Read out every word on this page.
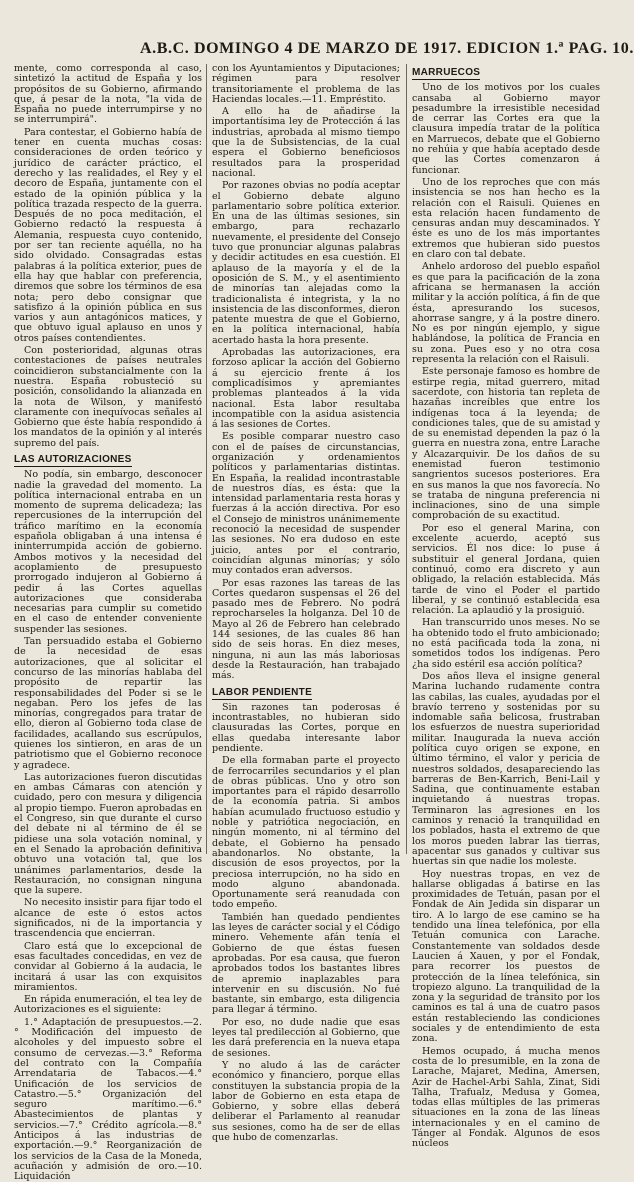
A.B.C. DOMINGO 4 DE MARZO DE 1917. EDICION 1.ª PAG. 10.

mente, como corresponda al caso, sintetizó la actitud de España y los propósitos de su Gobierno, afirmando que, á pesar de la nota, "la vida de España no puede interrumpirse y no se interrumpirá".

Para contestar, el Gobierno había de tener en cuenta muchas cosas: consideraciones de orden teórico y jurídico de carácter práctico, el derecho y las realidades, el Rey y el decoro de España, juntamente con el estado de la opinión pública y la política trazada respecto de la guerra. Después de no poca meditación, el Gobierno redactó la respuesta á Alemania, respuesta cuyo contenido, por ser tan reciente aquélla, no ha sido olvidado. Consagradas estas palabras á la política exterior, pues de ella hay que hablar con preferencia, diremos que sobre los términos de esa nota; pero debo consignar que satisfizo á la opinión pública en sus varios y aun antagónicos matices, y que obtuvo igual aplauso en unos y otros países contendientes.

Con posterioridad, algunas otras contestaciones de países neutrales coincidieron substancialmente con la nuestra. España robusteció su posición, consolidando la alianzada en la nota de Wilson, y manifestó claramente con inequívocas señales al Gobierno que éste había respondido á los mandatos de la opinión y al interés supremo del país.

LAS AUTORIZACIONES

No podía, sin embargo, desconocer nadie la gravedad del momento. La política internacional entraba en un momento de suprema delicadeza; las repercusiones de la interrupción del tráfico marítimo en la economía española obligaban á una intensa é ininterrumpida acción de gobierno. Ambos motivos y la necesidad del acoplamiento de presupuesto prorrogado indujeron al Gobierno á pedir á las Cortes aquellas autorizaciones que consideraba necesarias para cumplir su cometido en el caso de entender conveniente suspender las sesiones.

Tan persuadido estaba el Gobierno de la necesidad de esas autorizaciones, que al solicitar el concurso de las minorías hablaba del propósito de repartir las responsabilidades del Poder si se le negaban. Pero los jefes de las minorías, congregados para tratar de ello, dieron al Gobierno toda clase de facilidades, acallando sus escrúpulos, quienes los sintieron, en aras de un patriotismo que el Gobierno reconoce y agradece.

Las autorizaciones fueron discutidas en ambas Cámaras con atención y cuidado, pero con mesura y diligencia al propio tiempo. Fueron aprobadas en el Congreso, sin que durante el curso del debate ni al término de él se pidiese una sola votación nominal, y en el Senado la aprobación definitiva obtuvo una votación tal, que los unánimes parlamentarios, desde la Restauración, no consignan ninguna que la supere.

No necesito insistir para fijar todo el alcance de este ó estos actos significados, ni de la importancia y trascendencia que encierran.

Claro está que lo excepcional de esas facultades concedidas, en vez de convidar al Gobierno á la audacia, le incitará á usar las con exquisitos miramientos.

En rápida enumeración, el tea ley de Autorizaciones es el siguiente:

1.° Adaptación de presupuestos.—2.° Modificación del impuesto de alcoholes y del impuesto sobre el consumo de cervezas.—3.° Reforma del contrato con la Compañía Arrendataria de Tabacos.—4.° Unificación de los servicios de Catastro.—5.° Organización del seguro marítimo.—6.° Abastecimientos de plantas y servicios.—7.° Crédito agrícola.—8.° Anticipos á las industrias de exportación.—9.° Reorganización de los servicios de la Casa de la Moneda, acuñación y admisión de oro.—10. Liquidación

con los Ayuntamientos y Diputaciones; régimen para resolver transitoriamente el problema de las Haciendas locales.—11. Empréstito.

A ello ha de añadirse la importantísima ley de Protección á las industrias, aprobada al mismo tiempo que la de Subsistencias, de la cual espera el Gobierno beneficiosos resultados para la prosperidad nacional.

Por razones obvias no podía aceptar el Gobierno debate alguno parlamentario sobre política exterior. En una de las últimas sesiones, sin embargo, para rechazarlo nuevamente, el presidente del Consejo tuvo que pronunciar algunas palabras y decidir actitudes en esa cuestión. El aplauso de la mayoría y el de la oposición de S. M., y el asentimiento de minorías tan alejadas como la tradicionalista é integrista, y la no insistencia de las disconformes, dieron patente muestra de que el Gobierno, en la política internacional, había acertado hasta la hora presente.

Aprobadas las autorizaciones, era forzoso aplicar la acción del Gobierno á su ejercicio frente á los complicadísimos y apremiantes problemas planteados á la vida nacional. Esta labor resultaba incompatible con la asidua asistencia á las sesiones de Cortes.

Es posible comparar nuestro caso con el de países de circunstancias, organización y ordenamientos políticos y parlamentarias distintas. En España, la realidad incontrastable de nuestros días, es ésta: que la intensidad parlamentaria resta horas y fuerzas á la acción directiva. Por eso el Consejo de ministros unánimemente reconoció la necesidad de suspender las sesiones. No era dudoso en este juicio, antes por el contrario, coincidían algunas minorías; y sólo muy contados eran adversos.

Por esas razones las tareas de las Cortes quedaron suspensas el 26 del pasado mes de Febrero. No podrá reprocharseles la holganza. Del 10 de Mayo al 26 de Febrero han celebrado 144 sesiones, de las cuales 86 han sido de seis horas. En diez meses, ninguna, ni aun las más laboriosas desde la Restauración, han trabajado más.

LABOR PENDIENTE

Sin razones tan poderosas é incontrastables, no hubieran sido clausuradas las Cortes, porque en ellas quedaba interesante labor pendiente.

De ella formaban parte el proyecto de ferrocarriles secundarios y el plan de obras públicas. Uno y otro son importantes para el rápido desarrollo de la economía patria. Si ambos habían acumulado fructuoso estudio y noble y patriótica negociación, en ningún momento, ni al término del debate, el Gobierno ha pensado abandonarlos. No obstante, la discusión de esos proyectos, por la preciosa interrupción, no ha sido en modo alguno abandonada. Oportunamente será reanudada con todo empeño.

También han quedado pendientes las leyes de carácter social y el Código minero. Vehemente afán tenía el Gobierno de que éstas fuesen aprobadas. Por esa causa, que fueron aprobados todos los bastantes libres de apremio inaplazables para intervenir en su discusión. No fué bastante, sin embargo, esta diligencia para llegar á término.

Por eso, no dude nadie que esas leyes tal predilección al Gobierno, que les dará preferencia en la nueva etapa de sesiones.

Y no aludo á las de carácter económico y financiero, porque ellas constituyen la substancia propia de la labor de Gobierno en esta etapa de Gobierno, y sobre ellas deberá deliberar el Parlamento al reanudar sus sesiones, como ha de ser de ellas que hubo de comenzarlas.

MARRUECOS

Uno de los motivos por los cuales cansaba al Gobierno mayor pesadumbre la irresistible necesidad de cerrar las Cortes era que la clausura impedía tratar de la política en Marruecos, debate que el Gobierno no rehúia y que había aceptado desde que las Cortes comenzaron á funcionar.

Uno de los reproches que con más insistencia se nos han hecho es la relación con el Raisuli. Quienes en esta relación hacen fundamento de censuras andan muy descaminados. Y éste es uno de los más importantes extremos que hubieran sido puestos en claro con tal debate.

Anhelo ardoroso del pueblo español es que para la pacificación de la zona africana se hermanasen la acción militar y la acción política, á fin de que ésta, apresurando los sucesos, ahorrase sangre, y á la postre dinero. No es por ningún ejemplo, y sigue hablándose, la política de Francia en su zona. Pues eso y no otra cosa representa la relación con el Raisuli.

Este personaje famoso es hombre de estirpe regia, mitad guerrero, mitad sacerdote, con historia tan repleta de hazañas increíbles que entre los indígenas toca á la leyenda; de condiciones tales, que de su amistad y de su enemistad dependen la paz ó la guerra en nuestra zona, entre Larache y Alcazarquivir. De los daños de su enemistad fueron testimonio sangrientos sucesos posteriores. Era en sus manos la que nos favorecía. No se trataba de ninguna preferencia ni inclinaciones, sino de una simple comprobación de su exactitud.

Por eso el general Marina, con excelente acuerdo, aceptó sus servicios. Él nos dice: lo puse á substituir el general Jordana, quien continuó, como era discreto y aun obligado, la relación establecida. Más tarde de vino el Poder el partido liberal, y se continuó establecida esa relación. La aplaudió y la prosiguió.

Han transcurrido unos meses. No se ha obtenido todo el fruto ambicionado; no está pacificada toda la zona, ni sometidos todos los indígenas. Pero ¿ha sido estéril esa acción política?

Dos años lleva el insigne general Marina luchando rudamente contra las cabilas, las cuales, ayudadas por el bravío terreno y sostenidas por su indomable saña belicosa, frustraban los esfuerzos de nuestra superioridad militar. Inaugurada la nueva acción política cuyo origen se expone, en último término, el valor y pericia de nuestros soldados, desapareciendo las barreras de Ben-Karrich, Beni-Lail y Sadina, que continuamente estaban inquietando á nuestras tropas. Terminaron las agresiones en los caminos y renació la tranquilidad en los poblados, hasta el extremo de que los moros pueden labrar las tierras, apacentar sus ganados y cultivar sus huertas sin que nadie los moleste.

Hoy nuestras tropas, en vez de hallarse obligadas á batirse en las proximidades de Tetuán, pasan por el Fondak de Ain Jedida sin disparar un tiro. A lo largo de ese camino se ha tendido una línea telefónica, por ella Tetuán comunica con Larache. Constantemente van soldados desde Laucien á Xauen, y por el Fondak, para recorrer los puestos de protección de la línea telefónica, sin tropiezo alguno. La tranquilidad de la zona y la seguridad de tránsito por los caminos es tal á una de cuatro pasos están restableciendo las condiciones sociales y de entendimiento de esta zona.

Hemos ocupado, á mucha menos costa de lo presumible, en la zona de Larache, Majaret, Medina, Amersen, Azir de Hachel-Arbi Sahla, Zinat, Sidi Talha, Trafualz, Medusa y Gomea, todas ellas múltiples de las primeras situaciones en la zona de las líneas internacionales y en el camino de Tánger al Fondak. Algunos de esos núcleos
